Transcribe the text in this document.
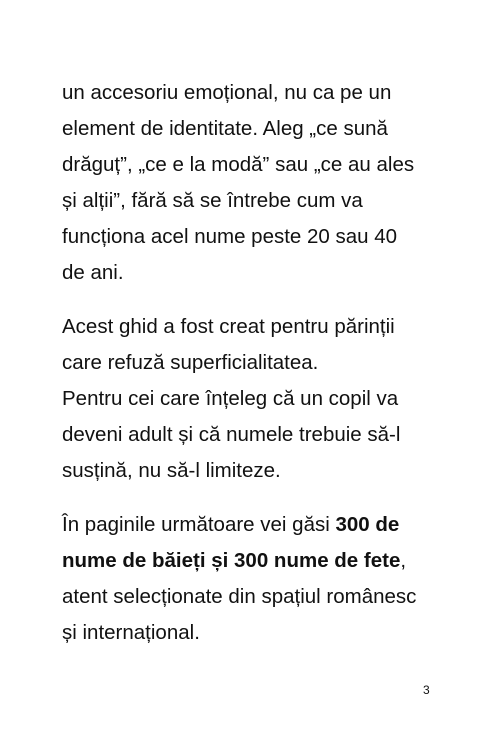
un accesoriu emoțional, nu ca pe un
element de identitate. Aleg „ce sună
drăguț”, „ce e la modă” sau „ce au ales
și alții”, fără să se întrebe cum va
funcționa acel nume peste 20 sau 40
de ani.
Acest ghid a fost creat pentru părinții
care refuză superficialitatea.
Pentru cei care înțeleg că un copil va
deveni adult și că numele trebuie să-l
susțină, nu să-l limiteze.
În paginile următoare vei găsi 300 de
nume de băieți și 300 nume de fete,
atent selecționate din spațiul românesc
și internațional.
3
